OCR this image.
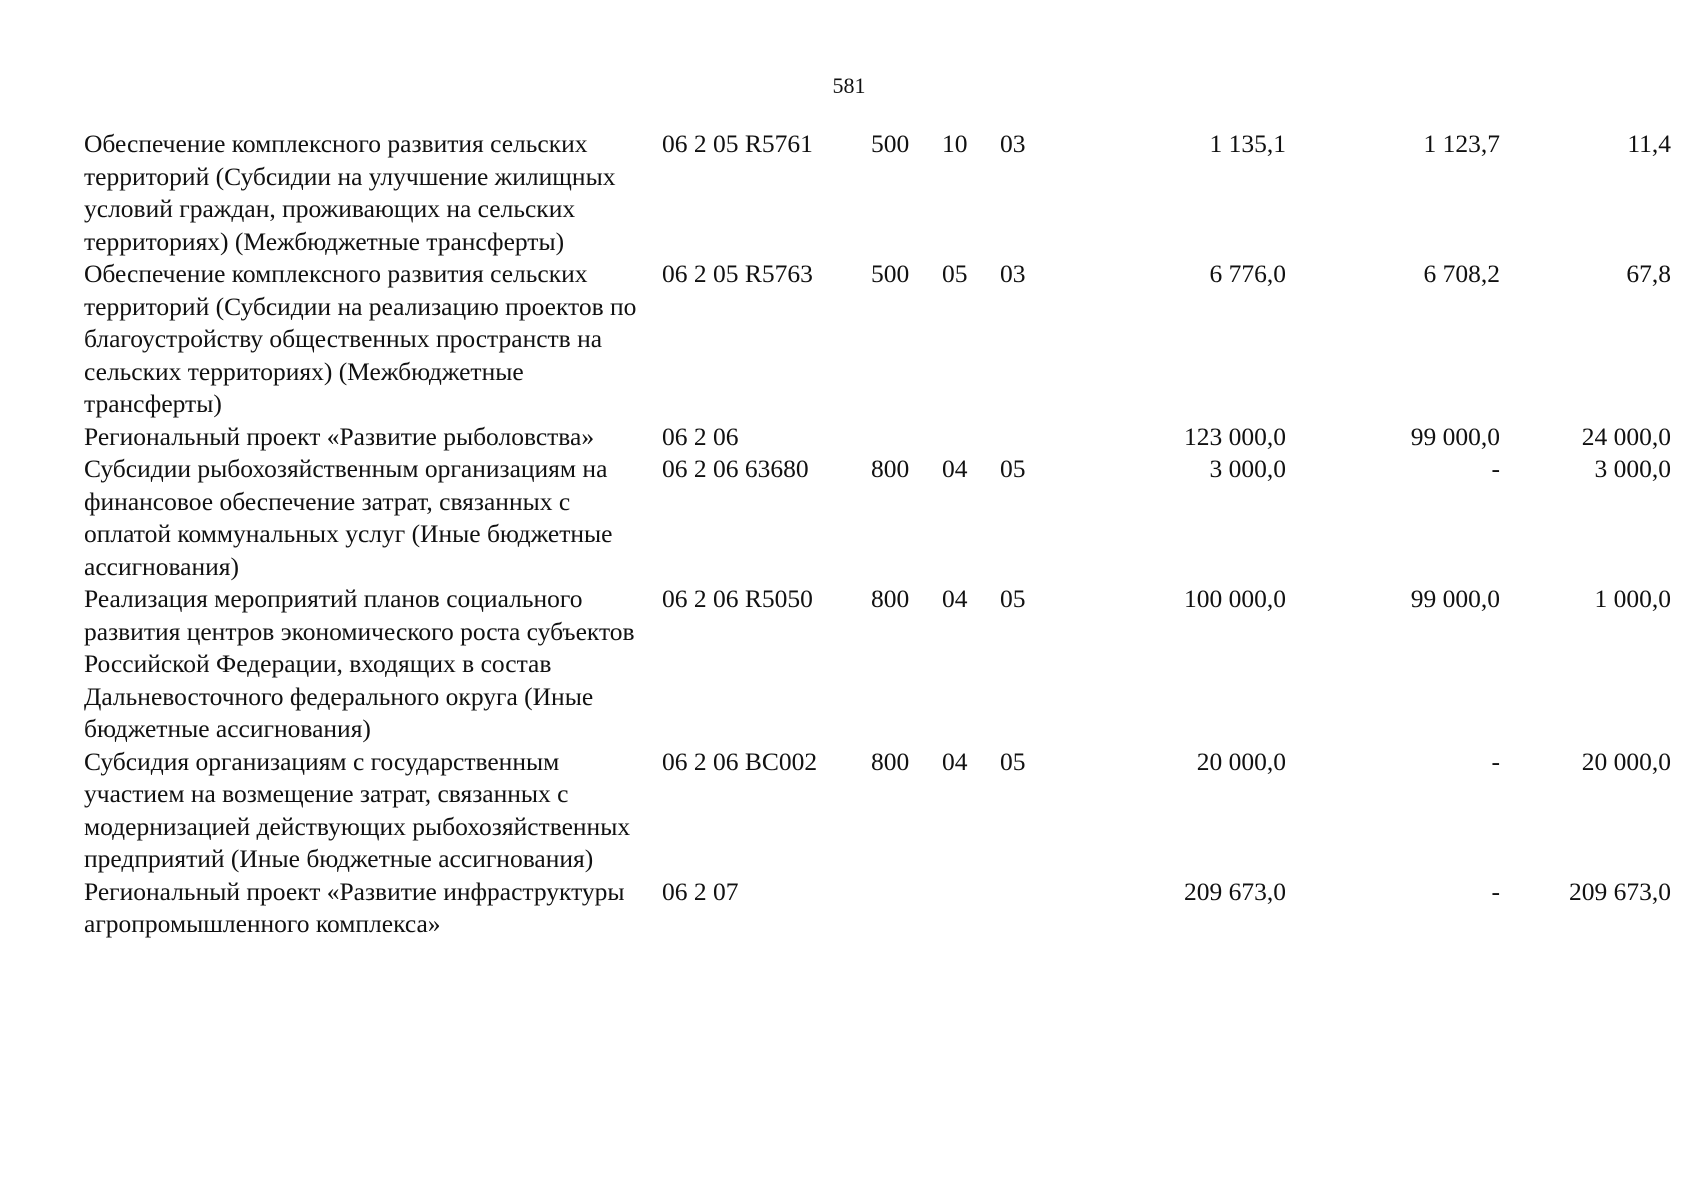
581
Обеспечение комплексного развития сельских территорий (Субсидии на улучшение жилищных условий граждан, проживающих на сельских территориях) (Межбюджетные трансферты)	06 2 05 R5761	500	10	03	1 135,1	1 123,7	11,4
Обеспечение комплексного развития сельских территорий (Субсидии на реализацию проектов по благоустройству общественных пространств на сельских территориях) (Межбюджетные трансферты)	06 2 05 R5763	500	05	03	6 776,0	6 708,2	67,8
Региональный проект «Развитие рыболовства»	06 2 06				123 000,0	99 000,0	24 000,0
Субсидии рыбохозяйственным организациям на финансовое обеспечение затрат, связанных с оплатой коммунальных услуг (Иные бюджетные ассигнования)	06 2 06 63680	800	04	05	3 000,0	-	3 000,0
Реализация мероприятий планов социального развития центров экономического роста субъектов Российской Федерации, входящих в состав Дальневосточного федерального округа (Иные бюджетные ассигнования)	06 2 06 R5050	800	04	05	100 000,0	99 000,0	1 000,0
Субсидия организациям с государственным участием на возмещение затрат, связанных с модернизацией действующих рыбохозяйственных предприятий (Иные бюджетные ассигнования)	06 2 06 ВС002	800	04	05	20 000,0	-	20 000,0
Региональный проект «Развитие инфраструктуры агропромышленного комплекса»	06 2 07				209 673,0	-	209 673,0
